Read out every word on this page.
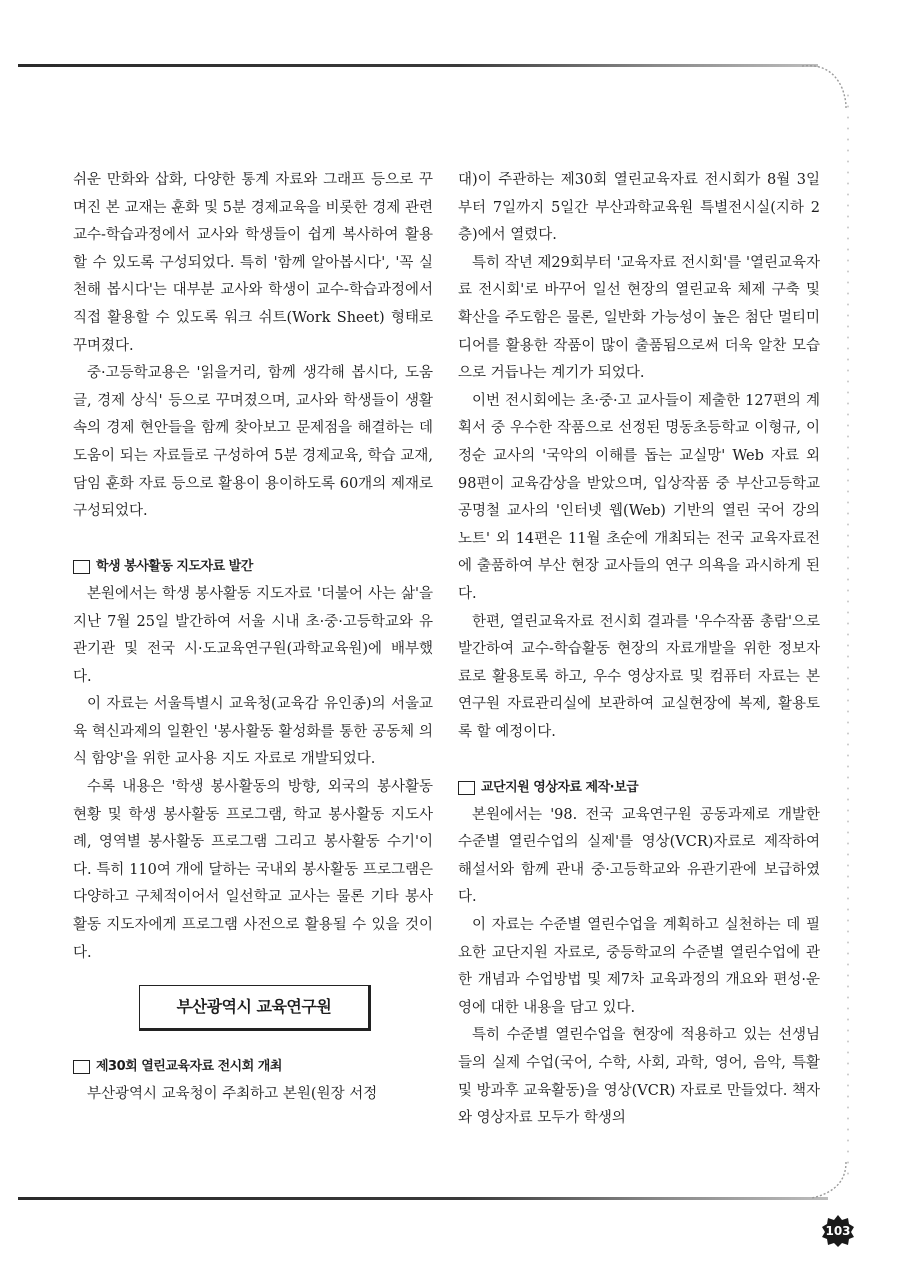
쉬운 만화와 삽화, 다양한 통계 자료와 그래프 등으로 꾸며진 본 교재는 훈화 및 5분 경제교육을 비롯한 경제 관련 교수-학습과정에서 교사와 학생들이 쉽게 복사하여 활용할 수 있도록 구성되었다. 특히 '함께 알아봅시다', '꼭 실천해 봅시다'는 대부분 교사와 학생이 교수-학습과정에서 직접 활용할 수 있도록 워크 쉬트(Work Sheet) 형태로 꾸며졌다.

중·고등학교용은 '읽을거리, 함께 생각해 봅시다, 도움글, 경제 상식' 등으로 꾸며졌으며, 교사와 학생들이 생활 속의 경제 현안들을 함께 찾아보고 문제점을 해결하는 데 도움이 되는 자료들로 구성하여 5분 경제교육, 학습 교재, 담임 훈화 자료 등으로 활용이 용이하도록 60개의 제재로 구성되었다.

학생 봉사활동 지도자료 발간

본원에서는 학생 봉사활동 지도자료 '더불어 사는 삶'을 지난 7월 25일 발간하여 서울 시내 초·중·고등학교와 유관기관 및 전국 시·도교육연구원(과학교육원)에 배부했다.

이 자료는 서울특별시 교육청(교육감 유인종)의 서울교육 혁신과제의 일환인 '봉사활동 활성화를 통한 공동체 의식 함양'을 위한 교사용 지도 자료로 개발되었다.

수록 내용은 '학생 봉사활동의 방향, 외국의 봉사활동 현황 및 학생 봉사활동 프로그램, 학교 봉사활동 지도사례, 영역별 봉사활동 프로그램 그리고 봉사활동 수기'이다. 특히 110여 개에 달하는 국내외 봉사활동 프로그램은 다양하고 구체적이어서 일선학교 교사는 물론 기타 봉사활동 지도자에게 프로그램 사전으로 활용될 수 있을 것이다.

부산광역시 교육연구원
제30회 열린교육자료 전시회 개최

부산광역시 교육청이 주최하고 본원(원장 서정

대)이 주관하는 제30회 열린교육자료 전시회가 8월 3일부터 7일까지 5일간 부산과학교육원 특별전시실(지하 2층)에서 열렸다.

특히 작년 제29회부터 '교육자료 전시회'를 '열린교육자료 전시회'로 바꾸어 일선 현장의 열린교육 체제 구축 및 확산을 주도함은 물론, 일반화 가능성이 높은 첨단 멀티미디어를 활용한 작품이 많이 출품됨으로써 더욱 알찬 모습으로 거듭나는 계기가 되었다.

이번 전시회에는 초·중·고 교사들이 제출한 127편의 계획서 중 우수한 작품으로 선정된 명동초등학교 이형규, 이정순 교사의 '국악의 이해를 돕는 교실망' Web 자료 외 98편이 교육감상을 받았으며, 입상작품 중 부산고등학교 공명철 교사의 '인터넷 웹(Web) 기반의 열린 국어 강의 노트' 외 14편은 11월 초순에 개최되는 전국 교육자료전에 출품하여 부산 현장 교사들의 연구 의욕을 과시하게 된다.

한편, 열린교육자료 전시회 결과를 '우수작품 총람'으로 발간하여 교수-학습활동 현장의 자료개발을 위한 정보자료로 활용토록 하고, 우수 영상자료 및 컴퓨터 자료는 본 연구원 자료관리실에 보관하여 교실현장에 복제, 활용토록 할 예정이다.

교단지원 영상자료 제작·보급

본원에서는 '98. 전국 교육연구원 공동과제로 개발한 수준별 열린수업의 실제'를 영상(VCR)자료로 제작하여 해설서와 함께 관내 중·고등학교와 유관기관에 보급하였다.

이 자료는 수준별 열린수업을 계획하고 실천하는 데 필요한 교단지원 자료로, 중등학교의 수준별 열린수업에 관한 개념과 수업방법 및 제7차 교육과정의 개요와 편성·운영에 대한 내용을 담고 있다.

특히 수준별 열린수업을 현장에 적용하고 있는 선생님들의 실제 수업(국어, 수학, 사회, 과학, 영어, 음악, 특활 및 방과후 교육활동)을 영상(VCR) 자료로 만들었다. 책자와 영상자료 모두가 학생의

103
